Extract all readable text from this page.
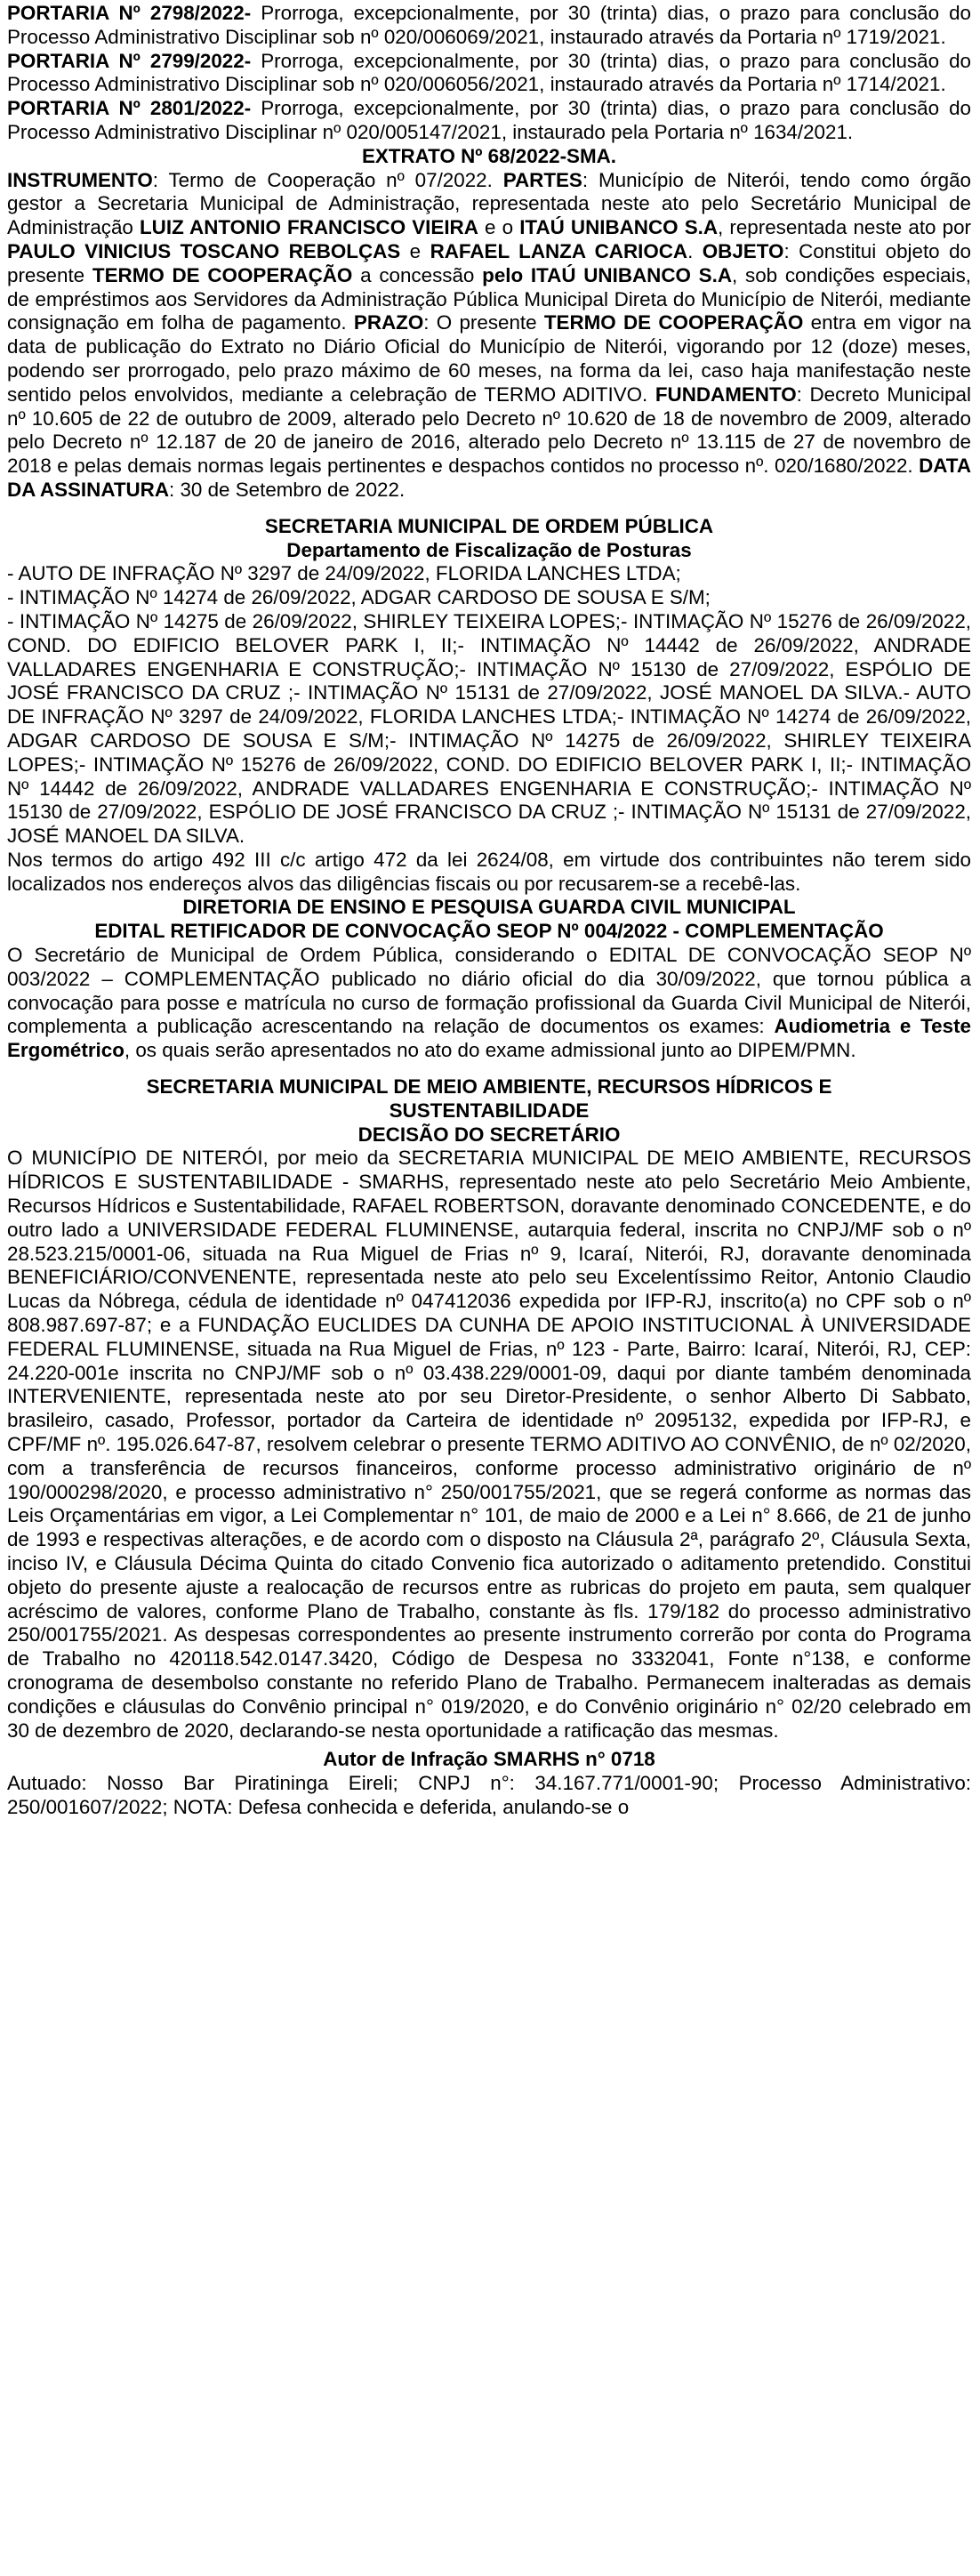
PORTARIA Nº 2798/2022- Prorroga, excepcionalmente, por 30 (trinta) dias, o prazo para conclusão do Processo Administrativo Disciplinar sob nº 020/006069/2021, instaurado através da Portaria nº 1719/2021.

PORTARIA Nº 2799/2022- Prorroga, excepcionalmente, por 30 (trinta) dias, o prazo para conclusão do Processo Administrativo Disciplinar sob nº 020/006056/2021, instaurado através da Portaria nº 1714/2021.

PORTARIA Nº 2801/2022- Prorroga, excepcionalmente, por 30 (trinta) dias, o prazo para conclusão do Processo Administrativo Disciplinar nº 020/005147/2021, instaurado pela Portaria nº 1634/2021.

EXTRATO Nº 68/2022-SMA.

INSTRUMENTO: Termo de Cooperação nº 07/2022. PARTES: Município de Niterói, tendo como órgão gestor a Secretaria Municipal de Administração, representada neste ato pelo Secretário Municipal de Administração LUIZ ANTONIO FRANCISCO VIEIRA e o ITAÚ UNIBANCO S.A, representada neste ato por PAULO VINICIUS TOSCANO REBOLÇAS e RAFAEL LANZA CARIOCA. OBJETO: Constitui objeto do presente TERMO DE COOPERAÇÃO a concessão pelo ITAÚ UNIBANCO S.A, sob condições especiais, de empréstimos aos Servidores da Administração Pública Municipal Direta do Município de Niterói, mediante consignação em folha de pagamento. PRAZO: O presente TERMO DE COOPERAÇÃO entra em vigor na data de publicação do Extrato no Diário Oficial do Município de Niterói, vigorando por 12 (doze) meses, podendo ser prorrogado, pelo prazo máximo de 60 meses, na forma da lei, caso haja manifestação neste sentido pelos envolvidos, mediante a celebração de TERMO ADITIVO. FUNDAMENTO: Decreto Municipal nº 10.605 de 22 de outubro de 2009, alterado pelo Decreto nº 10.620 de 18 de novembro de 2009, alterado pelo Decreto nº 12.187 de 20 de janeiro de 2016, alterado pelo Decreto nº 13.115 de 27 de novembro de 2018 e pelas demais normas legais pertinentes e despachos contidos no processo nº. 020/1680/2022. DATA DA ASSINATURA: 30 de Setembro de 2022.

SECRETARIA MUNICIPAL DE ORDEM PÚBLICA

Departamento de Fiscalização de Posturas

- AUTO DE INFRAÇÃO Nº 3297 de 24/09/2022, FLORIDA LANCHES LTDA;

- INTIMAÇÃO Nº 14274 de 26/09/2022, ADGAR CARDOSO DE SOUSA E S/M;

- INTIMAÇÃO Nº 14275 de 26/09/2022, SHIRLEY TEIXEIRA LOPES;- INTIMAÇÃO Nº 15276 de 26/09/2022, COND. DO EDIFICIO BELOVER PARK I, II;- INTIMAÇÃO Nº 14442 de 26/09/2022, ANDRADE VALLADARES ENGENHARIA E CONSTRUÇÃO;- INTIMAÇÃO Nº 15130 de 27/09/2022, ESPÓLIO DE JOSÉ FRANCISCO DA CRUZ ;- INTIMAÇÃO Nº 15131 de 27/09/2022, JOSÉ MANOEL DA SILVA.- AUTO DE INFRAÇÃO Nº 3297 de 24/09/2022, FLORIDA LANCHES LTDA;- INTIMAÇÃO Nº 14274 de 26/09/2022, ADGAR CARDOSO DE SOUSA E S/M;- INTIMAÇÃO Nº 14275 de 26/09/2022, SHIRLEY TEIXEIRA LOPES;- INTIMAÇÃO Nº 15276 de 26/09/2022, COND. DO EDIFICIO BELOVER PARK I, II;- INTIMAÇÃO Nº 14442 de 26/09/2022, ANDRADE VALLADARES ENGENHARIA E CONSTRUÇÃO;- INTIMAÇÃO Nº 15130 de 27/09/2022, ESPÓLIO DE JOSÉ FRANCISCO DA CRUZ ;- INTIMAÇÃO Nº 15131 de 27/09/2022, JOSÉ MANOEL DA SILVA.

Nos termos do artigo 492 III c/c artigo 472 da lei 2624/08, em virtude dos contribuintes não terem sido localizados nos endereços alvos das diligências fiscais ou por recusarem-se a recebê-las.

DIRETORIA DE ENSINO E PESQUISA GUARDA CIVIL MUNICIPAL

EDITAL RETIFICADOR DE CONVOCAÇÃO SEOP Nº 004/2022 - COMPLEMENTAÇÃO

O Secretário de Municipal de Ordem Pública, considerando o EDITAL DE CONVOCAÇÃO SEOP Nº 003/2022 – COMPLEMENTAÇÃO publicado no diário oficial do dia 30/09/2022, que tornou pública a convocação para posse e matrícula no curso de formação profissional da Guarda Civil Municipal de Niterói, complementa a publicação acrescentando na relação de documentos os exames: Audiometria e Teste Ergométrico, os quais serão apresentados no ato do exame admissional junto ao DIPEM/PMN.

SECRETARIA MUNICIPAL DE MEIO AMBIENTE, RECURSOS HÍDRICOS E

SUSTENTABILIDADE

DECISÃO DO SECRETÁRIO

O MUNICÍPIO DE NITERÓI, por meio da SECRETARIA MUNICIPAL DE MEIO AMBIENTE, RECURSOS HÍDRICOS E SUSTENTABILIDADE - SMARHS, representado neste ato pelo Secretário Meio Ambiente, Recursos Hídricos e Sustentabilidade, RAFAEL ROBERTSON, doravante denominado CONCEDENTE, e do outro lado a UNIVERSIDADE FEDERAL FLUMINENSE, autarquia federal, inscrita no CNPJ/MF sob o nº 28.523.215/0001-06, situada na Rua Miguel de Frias nº 9, Icaraí, Niterói, RJ, doravante denominada BENEFICIÁRIO/CONVENENTE, representada neste ato pelo seu Excelentíssimo Reitor, Antonio Claudio Lucas da Nóbrega, cédula de identidade nº 047412036 expedida por IFP-RJ, inscrito(a) no CPF sob o nº 808.987.697-87; e a FUNDAÇÃO EUCLIDES DA CUNHA DE APOIO INSTITUCIONAL À UNIVERSIDADE FEDERAL FLUMINENSE, situada na Rua Miguel de Frias, nº 123 - Parte, Bairro: Icaraí, Niterói, RJ, CEP: 24.220-001e inscrita no CNPJ/MF sob o nº 03.438.229/0001-09, daqui por diante também denominada INTERVENIENTE, representada neste ato por seu Diretor-Presidente, o senhor Alberto Di Sabbato, brasileiro, casado, Professor, portador da Carteira de identidade nº 2095132, expedida por IFP-RJ, e CPF/MF nº. 195.026.647-87, resolvem celebrar o presente TERMO ADITIVO AO CONVÊNIO, de nº 02/2020, com a transferência de recursos financeiros, conforme processo administrativo originário de nº 190/000298/2020, e processo administrativo n° 250/001755/2021, que se regerá conforme as normas das Leis Orçamentárias em vigor, a Lei Complementar n° 101, de maio de 2000 e a Lei n° 8.666, de 21 de junho de 1993 e respectivas alterações, e de acordo com o disposto na Cláusula 2ª, parágrafo 2º, Cláusula Sexta, inciso IV, e Cláusula Décima Quinta do citado Convenio fica autorizado o aditamento pretendido. Constitui objeto do presente ajuste a realocação de recursos entre as rubricas do projeto em pauta, sem qualquer acréscimo de valores, conforme Plano de Trabalho, constante às fls. 179/182 do processo administrativo 250/001755/2021. As despesas correspondentes ao presente instrumento correrão por conta do Programa de Trabalho no 420118.542.0147.3420, Código de Despesa no 3332041, Fonte n°138, e conforme cronograma de desembolso constante no referido Plano de Trabalho. Permanecem inalteradas as demais condições e cláusulas do Convênio principal n° 019/2020, e do Convênio originário n° 02/20 celebrado em 30 de dezembro de 2020, declarando-se nesta oportunidade a ratificação das mesmas.

Autor de Infração SMARHS n° 0718

Autuado: Nosso Bar Piratininga Eireli; CNPJ n°: 34.167.771/0001-90; Processo Administrativo: 250/001607/2022; NOTA: Defesa conhecida e deferida, anulando-se o
